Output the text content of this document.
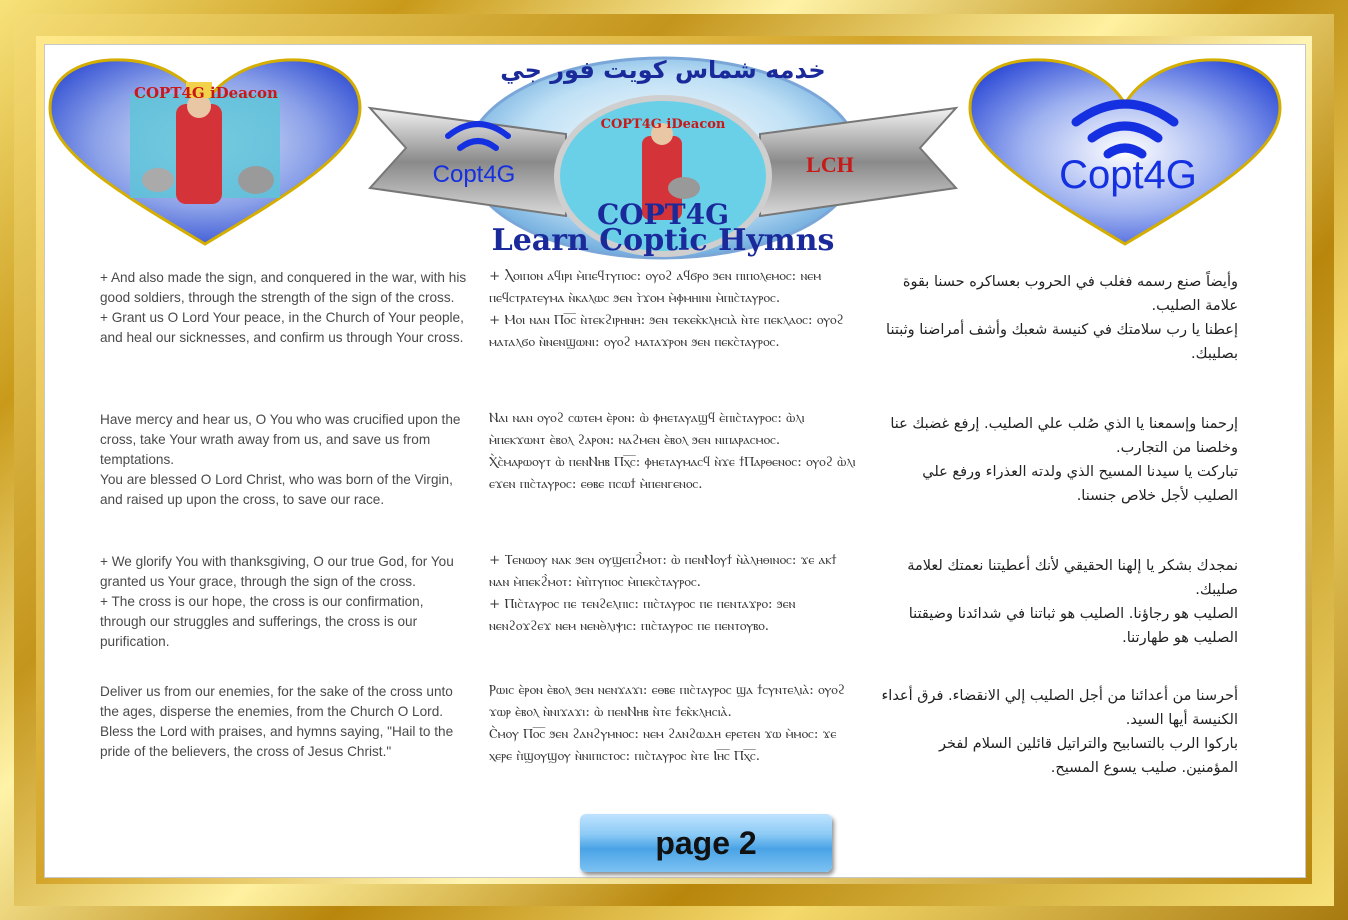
COPT4G iDeacon
Copt4G
COPT4G iDeacon
خدمه شماس كويت فور جي
Copt4G	LCH
COPT4G
Learn Coptic Hymns

+ And also made the sign, and conquered in the war, with his good soldiers, through the strength of the sign of the cross.

+ Grant us O Lord Your peace, in the Church of Your people, and heal our sicknesses, and confirm us through Your cross.

+ Ⲗⲟⲓⲡⲟⲛ ⲁϥⲓⲣⲓ ⲙ̀ⲡⲉϥⲧⲩⲡⲟⲥ: ⲟⲩⲟϩ ⲁϥϭⲣⲟ ϧⲉⲛ ⲡⲓⲡⲟⲗⲉⲙⲟⲥ: ⲛⲉⲙ ⲡⲉϥⲥⲧⲣⲁⲧⲉⲩⲙⲁ ⲛ̀ⲕⲁⲗⲱⲥ ϧⲉⲛ ⲧ̀ϫⲟⲙ ⲙ̀ⲫⲙⲏⲓⲛⲓ ⲙ̀ⲡⲓⲥ̀ⲧⲁⲩⲣⲟⲥ.

+ Ⲙⲟⲓ ⲛⲁⲛ Ⲡⲟ̅ⲥ̅ ⲛ̀ⲧⲉⲕϩⲓⲣⲏⲛⲏ: ϧⲉⲛ ⲧⲉⲕⲉⲕ̀ⲕⲗⲏⲥⲓⲁ̀ ⲛ̀ⲧⲉ ⲡⲉⲕⲗⲁⲟⲥ: ⲟⲩⲟϩ ⲙⲁⲧⲁⲗϭⲟ ⲛ̀ⲛⲉⲛϣⲱⲛⲓ: ⲟⲩⲟϩ ⲙⲁⲧⲁϫⲣⲟⲛ ϧⲉⲛ ⲡⲉⲕⲥ̀ⲧⲁⲩⲣⲟⲥ.

وأيضاً صنع رسمه فغلب في الحروب بعساكره حسنا بقوة علامة الصليب.

إعطنا يا رب سلامتك في كنيسة شعبك وأشف أمراضنا وثبتنا بصليبك.

Have mercy and hear us, O You who was crucified upon the cross, take Your wrath away from us, and save us from temptations.

You are blessed O Lord Christ, who was born of the Virgin, and raised up upon the cross, to save our race.

Ⲛⲁⲓ ⲛⲁⲛ ⲟⲩⲟϩ ⲥⲱⲧⲉⲙ ⲉ̀ⲣⲟⲛ: ⲱ̀ ⲫⲏⲉⲧⲁⲩⲁϣϥ ⲉ̀ⲡⲓⲥ̀ⲧⲁⲩⲣⲟⲥ: ⲱ̀ⲗⲓ ⲙ̀ⲡⲉⲕϫⲱⲛⲧ ⲉ̀ⲃⲟⲗ ϩⲁⲣⲟⲛ: ⲛⲁϩⲙⲉⲛ ⲉ̀ⲃⲟⲗ ϧⲉⲛ ⲛⲓⲡⲁⲣⲁⲥⲙⲟⲥ.

Ⲭ̀ⲥ̀ⲙⲁⲣⲱⲟⲩⲧ ⲱ̀ ⲡⲉⲛⲚⲏⲃ Ⲡⲭ̅ⲥ̅: ⲫⲏⲉⲧⲁⲩⲙⲁⲥϥ ⲛ̀ϫⲉ ϯⲠⲁⲣⲑⲉⲛⲟⲥ: ⲟⲩⲟϩ ⲱ̀ⲗⲓ ⲉϫⲉⲛ ⲡⲓⲥ̀ⲧⲁⲩⲣⲟⲥ: ⲉⲑⲃⲉ ⲡⲥⲱϯ ⲙ̀ⲡⲉⲛⲅⲉⲛⲟⲥ.

إرحمنا وإسمعنا يا الذي صُلب علي الصليب. إرفع غضبك عنا وخلصنا من التجارب.

تباركت يا سيدنا المسيح الذي ولدته العذراء ورفع علي الصليب لأجل خلاص جنسنا.

+ We glorify You with thanksgiving, O our true God, for You granted us Your grace, through the sign of the cross.

+ The cross is our hope, the cross is our confirmation, through our struggles and sufferings, the cross is our purification.

+ Ⲧⲉⲛⲱⲟⲩ ⲛⲁⲕ ϧⲉⲛ ⲟⲩϣⲉⲡϩ̀ⲙⲟⲧ: ⲱ̀ ⲡⲉⲛⲚⲟⲩϯ ⲛ̀ⲁ̀ⲗⲏⲑⲓⲛⲟⲥ: ϫⲉ ⲁⲕϯ ⲛⲁⲛ ⲙ̀ⲡⲉⲕϩ̀ⲙⲟⲧ: ⲙ̀ⲡ̀ⲧⲩⲡⲟⲥ ⲙ̀ⲡⲉⲕⲥ̀ⲧⲁⲩⲣⲟⲥ.

+ Ⲡⲓⲥ̀ⲧⲁⲩⲣⲟⲥ ⲡⲉ ⲧⲉⲛϩⲉⲗⲡⲓⲥ: ⲡⲓⲥ̀ⲧⲁⲩⲣⲟⲥ ⲡⲉ ⲡⲉⲛⲧⲁϫⲣⲟ: ϧⲉⲛ ⲛⲉⲛϩⲟϫϩⲉϫ ⲛⲉⲙ ⲛⲉⲛⲑ̀ⲗⲓⲯⲓⲥ: ⲡⲓⲥ̀ⲧⲁⲩⲣⲟⲥ ⲡⲉ ⲡⲉⲛⲧⲟⲩⲃⲟ.

نمجدك بشكر يا إلهنا الحقيقي لأنك أعطيتنا نعمتك لعلامة صليبك.

الصليب هو رجاؤنا. الصليب هو ثباتنا في شدائدنا وضيقتنا الصليب هو طهارتنا.

Deliver us from our enemies, for the sake of the cross unto the ages, disperse the enemies, from the Church O Lord.

Bless the Lord with praises, and hymns saying, "Hail to the pride of the believers, the cross of Jesus Christ."

Ⲣⲱⲓⲥ ⲉ̀ⲣⲟⲛ ⲉ̀ⲃⲟⲗ ϧⲉⲛ ⲛⲉⲛϫⲁϫⲓ: ⲉⲑⲃⲉ ⲡⲓⲥ̀ⲧⲁⲩⲣⲟⲥ ϣⲁ ϯⲥⲩⲛⲧⲉⲗⲓⲁ̀: ⲟⲩⲟϩ ϫⲱⲣ ⲉ̀ⲃⲟⲗ ⲛ̀ⲛⲓϫⲁϫⲓ: ⲱ̀ ⲡⲉⲛⲚⲏⲃ ⲛ̀ⲧⲉ ϯⲉⲕ̀ⲕⲗⲏⲥⲓⲁ̀.

Ⲥ̀ⲙⲟⲩ Ⲡⲟ̅ⲥ̅ ϧⲉⲛ ϩⲁⲛϩⲩⲙⲛⲟⲥ: ⲛⲉⲙ ϩⲁⲛϩⲱⲇⲏ ⲉⲣⲉⲧⲉⲛ ϫⲱ ⲙ̀ⲙⲟⲥ: ϫⲉ ⲭⲉⲣⲉ ⲡ̀ϣⲟⲩϣⲟⲩ ⲛ̀ⲛⲓⲡⲓⲥⲧⲟⲥ: ⲡⲓⲥ̀ⲧⲁⲩⲣⲟⲥ ⲛ̀ⲧⲉ Ⲓⲏ̅ⲥ̅ Ⲡⲭ̅ⲥ̅.

أحرسنا من أعدائنا من أجل الصليب إلي الانقضاء. فرق أعداء الكنيسة أيها السيد.

باركوا الرب بالتسابيح والتراتيل قائلين السلام لفخر المؤمنين. صليب يسوع المسيح.

page 2
